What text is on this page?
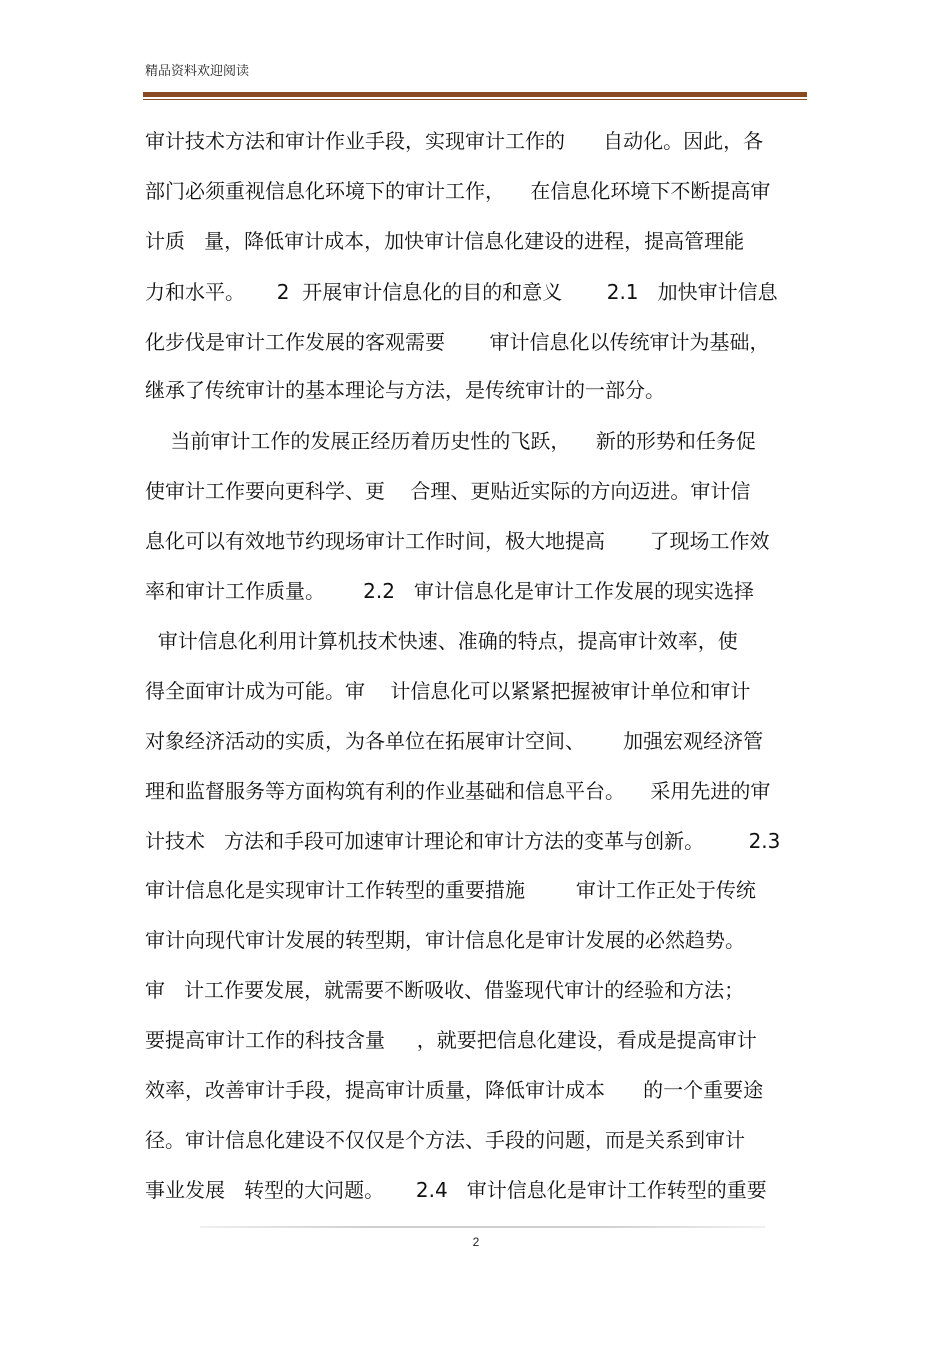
精品资料欢迎阅读
审计技术方法和审计作业手段，实现审计工作的      自动化。因此，各
部门必须重视信息化环境下的审计工作，    在信息化环境下不断提高审
计质   量，降低审计成本，加快审计信息化建设的进程，提高管理能
力和水平。     2  开展审计信息化的目的和意义       2.1   加快审计信息
化步伐是审计工作发展的客观需要       审计信息化以传统审计为基础，
继承了传统审计的基本理论与方法，是传统审计的一部分。
当前审计工作的发展正经历着历史性的飞跃，    新的形势和任务促
使审计工作要向更科学、更    合理、更贴近实际的方向迈进。审计信
息化可以有效地节约现场审计工作时间，极大地提高       了现场工作效
率和审计工作质量。      2.2   审计信息化是审计工作发展的现实选择
审计信息化利用计算机技术快速、准确的特点，提高审计效率，使
得全面审计成为可能。审    计信息化可以紧紧把握被审计单位和审计
对象经济活动的实质，为各单位在拓展审计空间、      加强宏观经济管
理和监督服务等方面构筑有利的作业基础和信息平台。    采用先进的审
计技术   方法和手段可加速审计理论和审计方法的变革与创新。       2.3
审计信息化是实现审计工作转型的重要措施        审计工作正处于传统
审计向现代审计发展的转型期，审计信息化是审计发展的必然趋势。
审   计工作要发展，就需要不断吸收、借鉴现代审计的经验和方法；
要提高审计工作的科技含量     ，就要把信息化建设，看成是提高审计
效率，改善审计手段，提高审计质量，降低审计成本      的一个重要途
径。审计信息化建设不仅仅是个方法、手段的问题，而是关系到审计
事业发展   转型的大问题。     2.4   审计信息化是审计工作转型的重要
2
